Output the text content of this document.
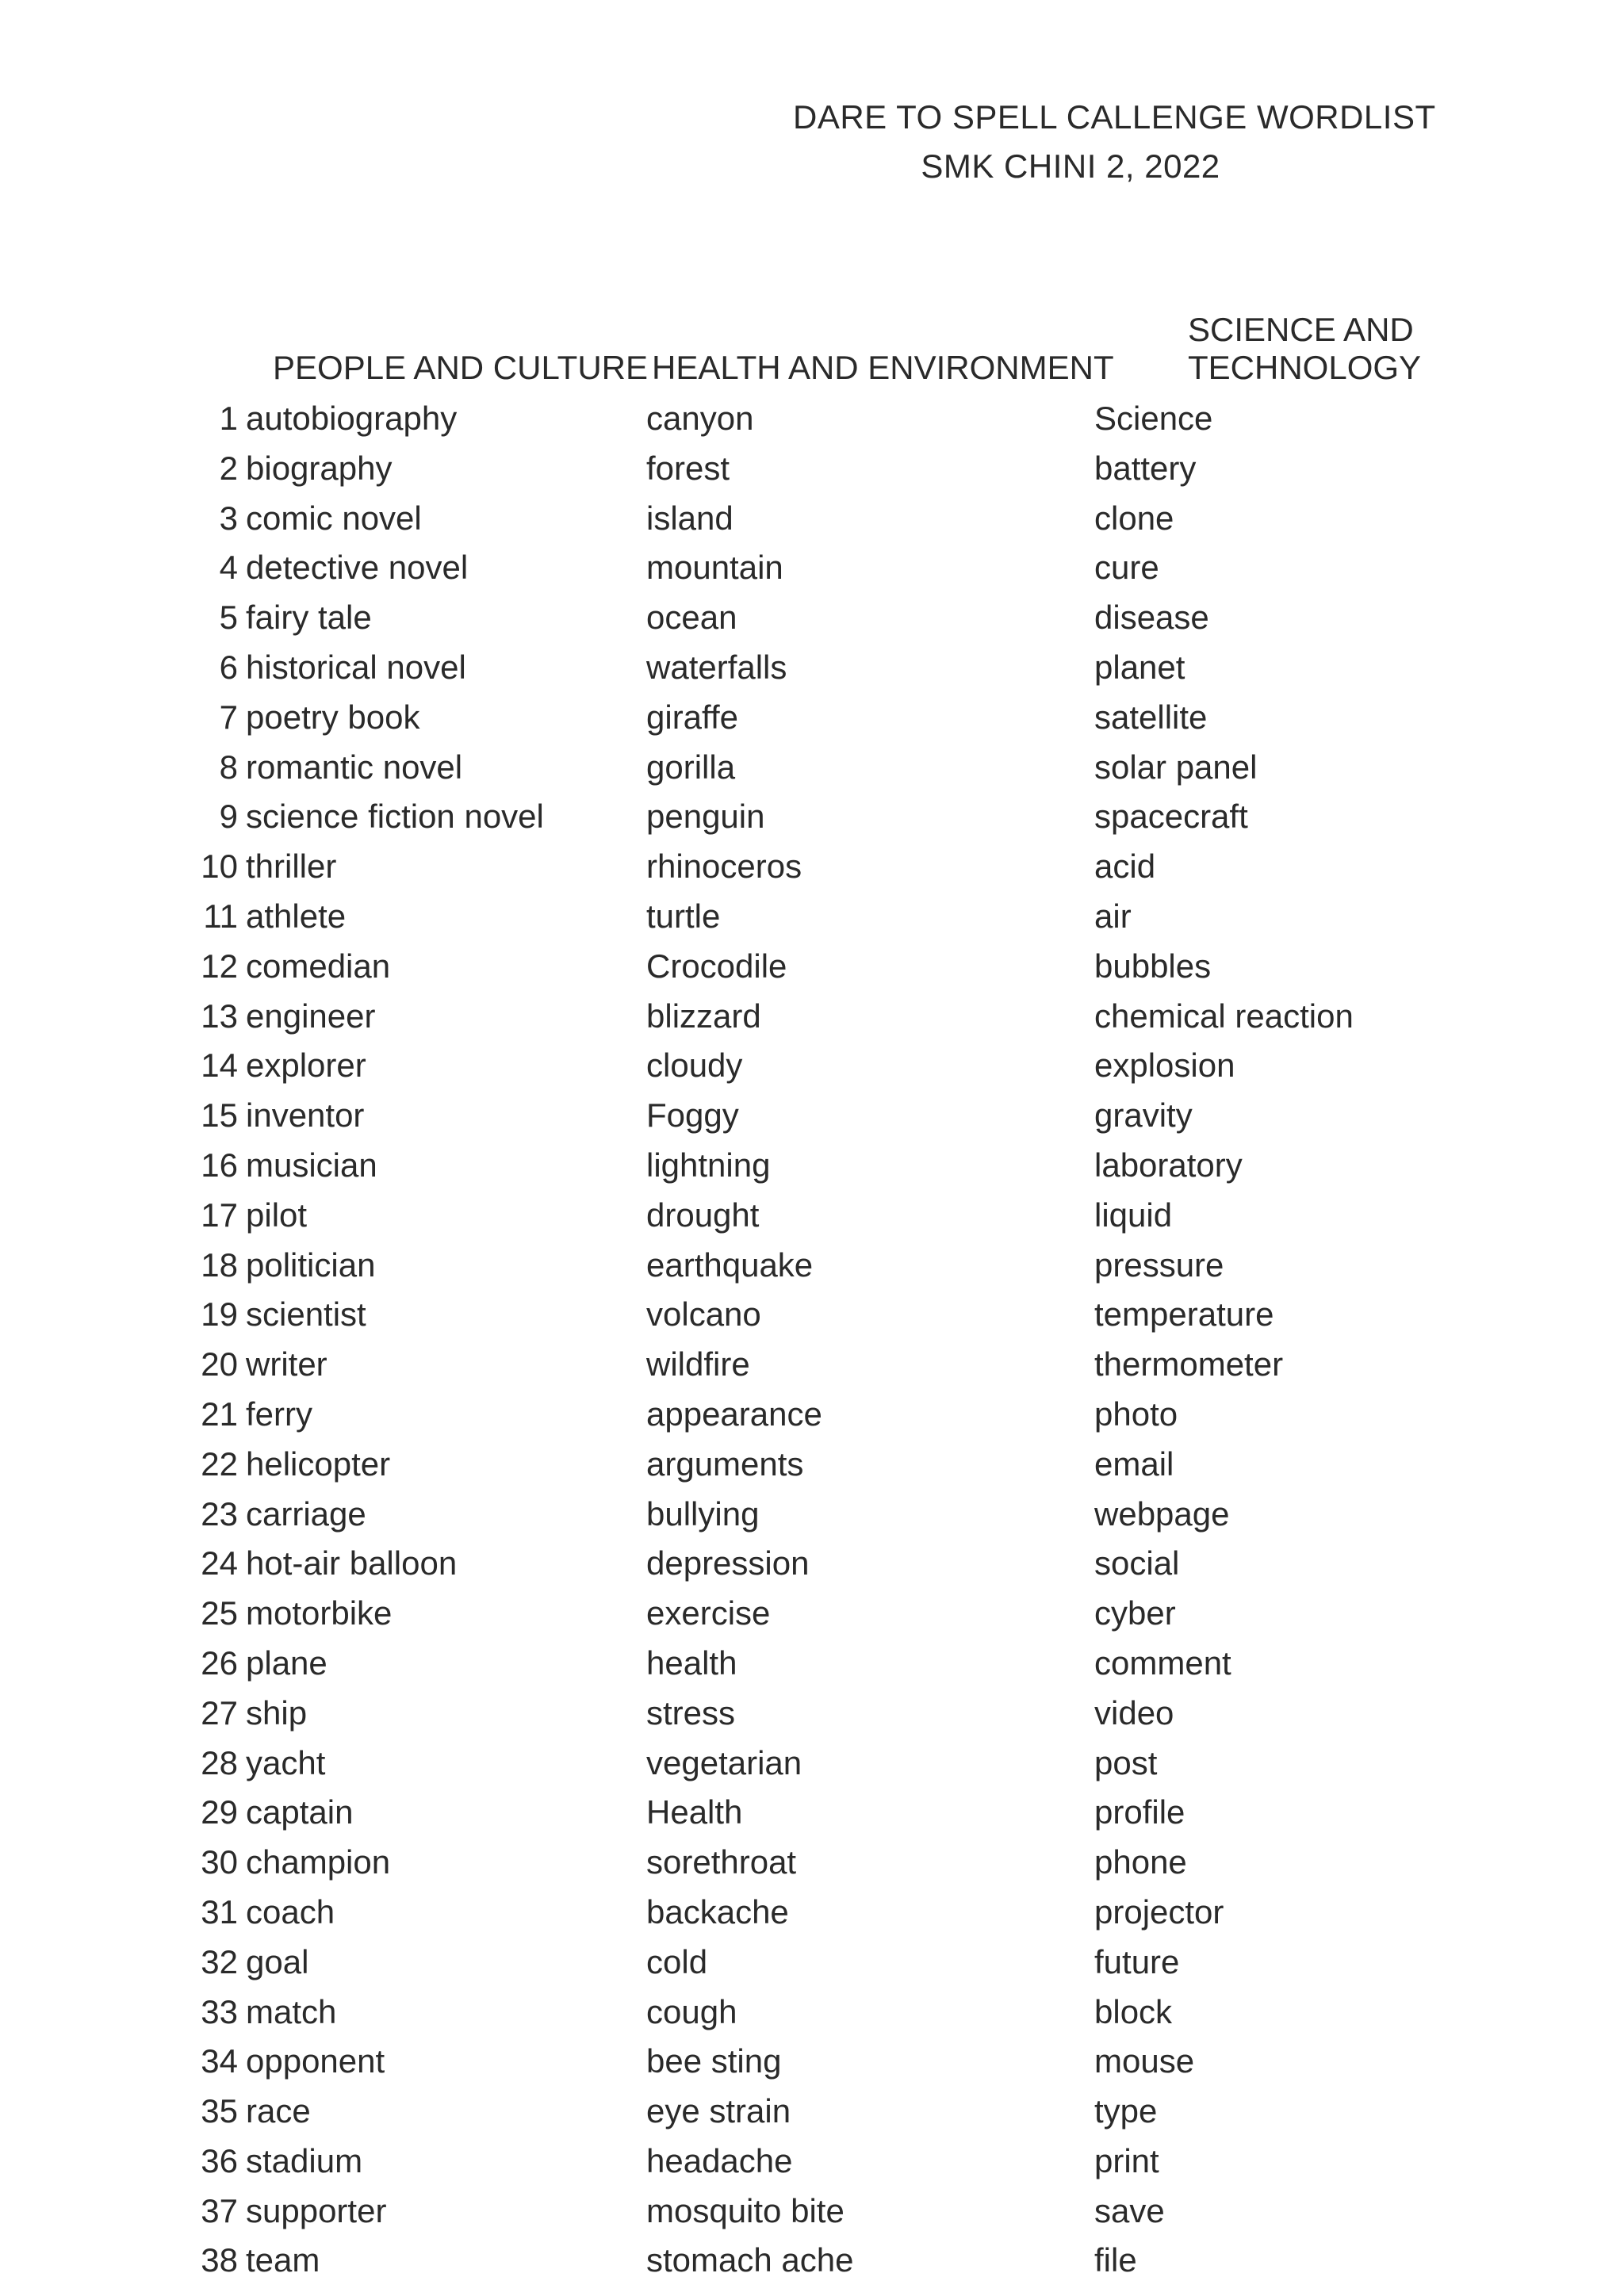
DARE TO SPELL CALLENGE WORDLIST
SMK CHINI 2, 2022
PEOPLE AND CULTURE HEALTH AND ENVIRONMENT
SCIENCE AND
TECHNOLOGY
1 autobiography
2 biography
3 comic novel
4 detective novel
5 fairy tale
6 historical novel
7 poetry book
8 romantic novel
9 science fiction novel
10 thriller
11 athlete
12 comedian
13 engineer
14 explorer
15 inventor
16 musician
17 pilot
18 politician
19 scientist
20 writer
21 ferry
22 helicopter
23 carriage
24 hot-air balloon
25 motorbike
26 plane
27 ship
28 yacht
29 captain
30 champion
31 coach
32 goal
33 match
34 opponent
35 race
36 stadium
37 supporter
38 team
canyon
forest
island
mountain
ocean
waterfalls
giraffe
gorilla
penguin
rhinoceros
turtle
Crocodile
blizzard
cloudy
Foggy
lightning
drought
earthquake
volcano
wildfire
appearance
arguments
bullying
depression
exercise
health
stress
vegetarian
Health
sorethroat
backache
cold
cough
bee sting
eye strain
headache
mosquito bite
stomach ache
Science
battery
clone
cure
disease
planet
satellite
solar panel
spacecraft
acid
air
bubbles
chemical reaction
explosion
gravity
laboratory
liquid
pressure
temperature
thermometer
photo
email
webpage
social
cyber
comment
video
post
profile
phone
projector
future
block
mouse
type
print
save
file
